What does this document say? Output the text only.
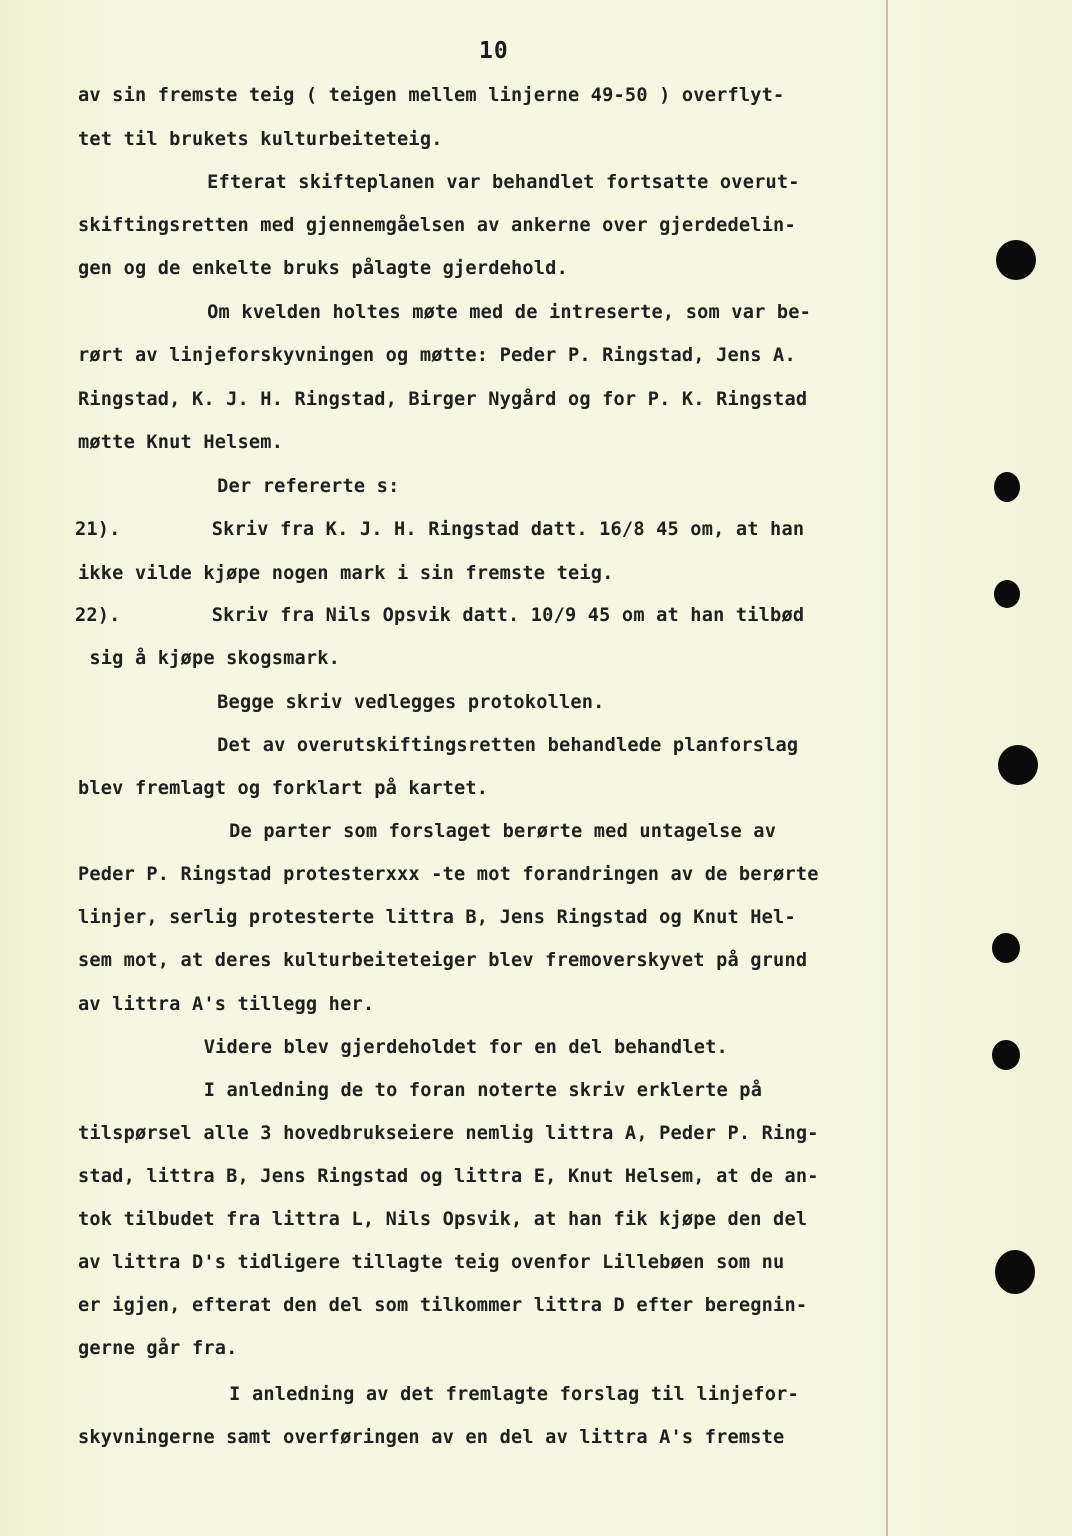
10
av sin fremste teig ( teigen mellem linjerne 49-50 ) overflyt-
tet til brukets kulturbeiteteig.
Efterat skifteplanen var behandlet fortsatte overut-
skiftingsretten med gjennemgåelsen av ankerne over gjerdedelin-
gen og de enkelte bruks pålagte gjerdehold.
Om kvelden holtes møte med de intreserte, som var be-
rørt av linjeforskyvningen og møtte: Peder P. Ringstad, Jens A.
Ringstad, K. J. H. Ringstad, Birger Nygård og for P. K. Ringstad
møtte Knut Helsem.
Der refererte s:
21).        Skriv fra K. J. H. Ringstad datt. 16/8 45 om, at han
ikke vilde kjøpe nogen mark i sin fremste teig.
22).        Skriv fra Nils Opsvik datt. 10/9 45 om at han tilbød
sig å kjøpe skogsmark.
Begge skriv vedlegges protokollen.
Det av overutskiftingsretten behandlede planforslag
blev fremlagt og forklart på kartet.
De parter som forslaget berørte med untagelse av
Peder P. Ringstad protesterxxx -te mot forandringen av de berørte
linjer, serlig protesterte littra B, Jens Ringstad og Knut Hel-
sem mot, at deres kulturbeiteteiger blev fremoverskyvet på grund
av littra A's tillegg her.
Videre blev gjerdeholdet for en del behandlet.
I anledning de to foran noterte skriv erklerte på
tilspørsel alle 3 hovedbrukseiere nemlig littra A, Peder P. Ring-
stad, littra B, Jens Ringstad og littra E, Knut Helsem, at de an-
tok tilbudet fra littra L, Nils Opsvik, at han fik kjøpe den del
av littra D's tidligere tillagte teig ovenfor Lillebøen som nu
er igjen, efterat den del som tilkommer littra D efter beregnin-
gerne går fra.
I anledning av det fremlagte forslag til linjefor-
skyvningerne samt overføringen av en del av littra A's fremste
